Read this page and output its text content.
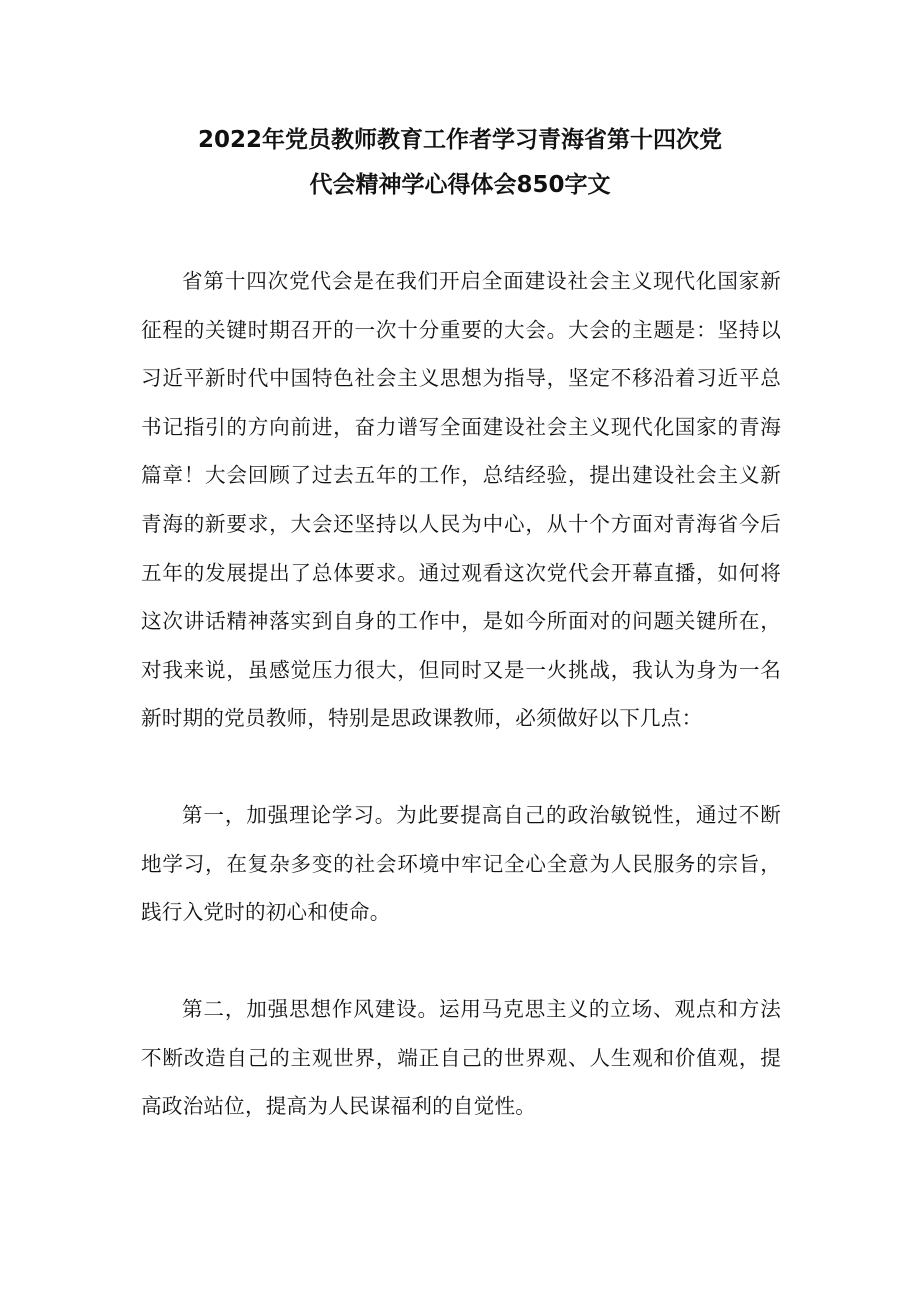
2022年党员教师教育工作者学习青海省第十四次党
代会精神学心得体会850字文

省第十四次党代会是在我们开启全面建设社会主义现代化国家新征程的关键时期召开的一次十分重要的大会。大会的主题是：坚持以习近平新时代中国特色社会主义思想为指导，坚定不移沿着习近平总书记指引的方向前进，奋力谱写全面建设社会主义现代化国家的青海篇章！大会回顾了过去五年的工作，总结经验，提出建设社会主义新青海的新要求，大会还坚持以人民为中心，从十个方面对青海省今后五年的发展提出了总体要求。通过观看这次党代会开幕直播，如何将这次讲话精神落实到自身的工作中，是如今所面对的问题关键所在，对我来说，虽感觉压力很大，但同时又是一火挑战，我认为身为一名新时期的党员教师，特别是思政课教师，必须做好以下几点：

第一，加强理论学习。为此要提高自己的政治敏锐性，通过不断地学习，在复杂多变的社会环境中牢记全心全意为人民服务的宗旨，践行入党时的初心和使命。

第二，加强思想作风建设。运用马克思主义的立场、观点和方法不断改造自己的主观世界，端正自己的世界观、人生观和价值观，提高政治站位，提高为人民谋福利的自觉性。
